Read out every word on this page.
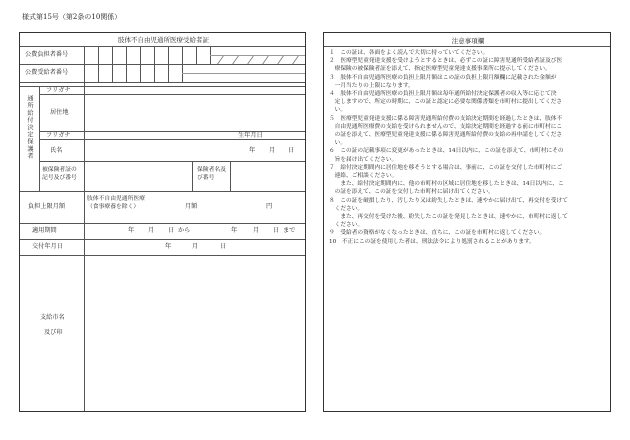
様式第15号（第2条の10関係）
肢体不自由児通所医療受給者証
公費負担者番号
公費受給者番号
通所給付決定保護者
フリガナ
居住地
フリガナ	生年月日
氏名	年 月 日
被保険者証の記号及び番号
保険者名及び番号
負担上限月額
肢体不自由児通所医療（食事療養を除く）	月額	円
適用期間	年 月 日 から	年	月 日 まで
交付年月日	年	月	日
支給市名
及び印
注意事項欄
１　この証は、各面をよく読んで大切に持っていてください。
２　医療型児童発達支援を受けようとするときは、必ずこの証に障害児通所受給者証及び医
　療保険の被保険者証を添えて、指定医療型児童発達支援事業所に提示してください。
３　肢体不自由児通所医療の負担上限月額はこの証の負担上限月額欄に記載された金額が
　一月当たりの上限になります。
４　肢体不自由児通所医療の負担上限月額は毎年通所給付決定保護者の収入等に応じて決
　定しますので、所定の時期に、この証と認定に必要な関係書類を市町村に提出してくださ
　い。
５　医療型児童発達支援に係る障害児通所給付費の支給決定期間を経過したときは、肢体不
　自由児通所医療費の支給を受けられませんので、支給決定期間を経過する前に市町村にこ
　の証を添えて、医療型児童発達支援に係る障害児通所給付費の支給の再申請をしてくださ
　い。
６　この証の記載事項に変更があったときは、14日以内に、この証を添えて、市町村にその
　旨を届け出てください。
７　給付決定期間内に居住地を移そうとする場合は、事前に、この証を交付した市町村にご
　連絡、ご相談ください。
　　また、給付決定期間内に、他の市町村の区域に居住地を移したときは、14日以内に、こ
　の証を添えて、この証を交付した市町村に届け出てください。
８　この証を破損したり、汚したり又は紛失したときは、速やかに届け出て、再交付を受けて
　ください。
　　また、再交付を受けた後、紛失したこの証を発見したときは、速やかに、市町村に返して
　ください。
９　受給者の資格がなくなったときは、直ちに、この証を市町村に返してください。
10　不正にこの証を使用した者は、刑法法令により処罰されることがあります。
